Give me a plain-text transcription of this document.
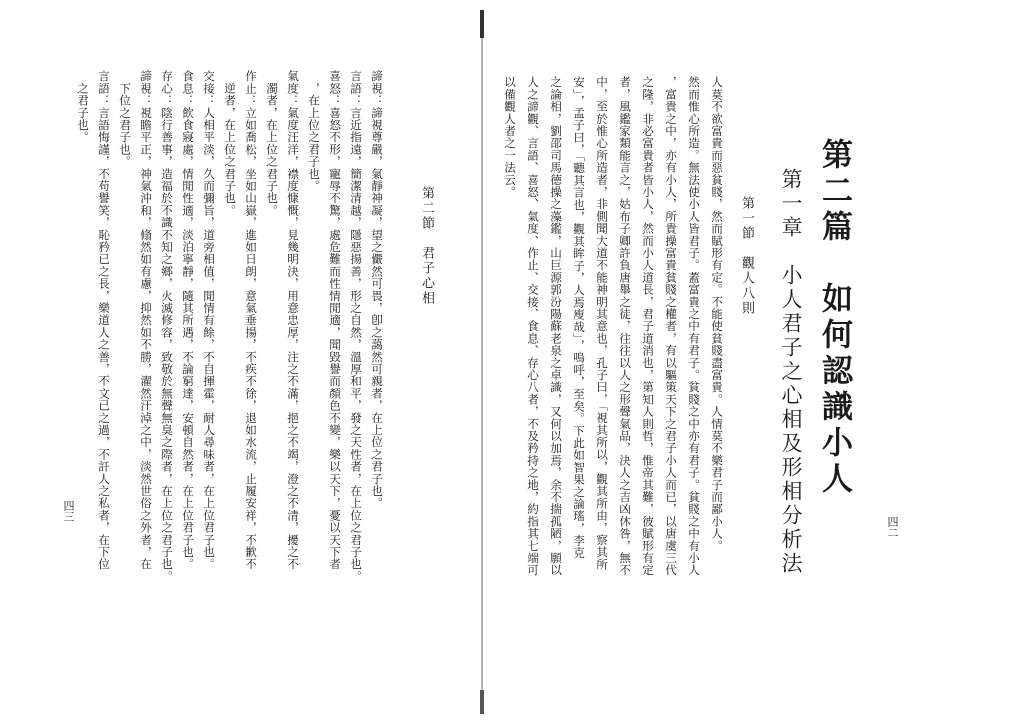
第二節　君子心相
諦視：諦視尊嚴，氣靜神凝，望之儼然可畏，卽之藹然可親者，在上位之君子也。
言語：言近指遠，簡潔清越，隱惡揚善，形之自然，溫厚和平，發之天性者，在上位之君子也。
喜怒：喜怒不形，寵辱不驚，處危難而性情閒適，聞毀譽而顏色不變，樂以天下，憂以天下者
　，在上位之君子也。
氣度：氣度汪洋，襟度慷慨，見幾明決，用意忠厚，注之不滿，挹之不竭，澄之不清，擾之不
　濁者，在上位之君子也。
作止：立如喬松，坐如山嶽，進如日朗，意氣垂揚，不疾不徐，退如水流，止履安祥，不歉不
　逆者，在上位之君子也。
交接：人相平淡，久而彌旨，道旁相值，閒情有餘，不自揮霍，耐人尋味者，在上位君子也。
食息：飲食寢處，情閒性適，淡泊寧靜，隨其所遇，不論窮達，安頓自然者，在上位君子也。
存心：陰行善事，造福於不識不知之鄉，火滅修容，致敬於無聲無臭之際者，在上位之君子也。
諦視：視瞻平正，神氣沖和，翛然如有慮，抑然如不勝，濯然汗淖之中，淡然世俗之外者，在
　下位之君子也。
言語：言語悔謹，不苟譽笑，恥矜已之長，樂道人之善，不文已之過，不訐人之私者，在下位
　之君子也。
四三
第二篇　如何認識小人
第一章　小人君子之心相及形相分析法
第一節　觀人八則
人莫不欲富貴而惡貧賤，然而賦形有定。不能使貧賤盡富貴。人情莫不樂君子而鄙小人。
然而惟心所造。無法使小人皆君子。蓋富貴之中有君子。貧賤之中亦有君子。貧賤之中有小人
，富貴之中，亦有小人，所貴操富貴貧賤之權者，有以驅策天下之君子小人而已，以唐虞三代
之隆，非必富貴者皆小人，然而小人道長，君子道消也，第知人則哲，惟帝其難，彼賦形有定
者，風鑑家類能言之，姑布子卿許負唐舉之徒，往往以人之形聲氣品，決人之吉凶休咎，無不
中，至於惟心所造者，非側聞大道不能神明其意也，孔子曰，「視其所以，觀其所由，察其所
安」，孟子曰，「聽其言也，觀其眸子，人焉廋哉」，嗚呼，至矣。下此如智果之論瑤，李克
之論相，劉邵司馬德操之藻鑑，山巨源郭汾陽蘇老泉之卓識，又何以加焉，余不揣孤陋，願以
人之諦觀、言語、喜怒、氣度、作止、交接、食息、存心八者，不及矜持之地，約指其七端可
以備觀人者之一法云。
四二
